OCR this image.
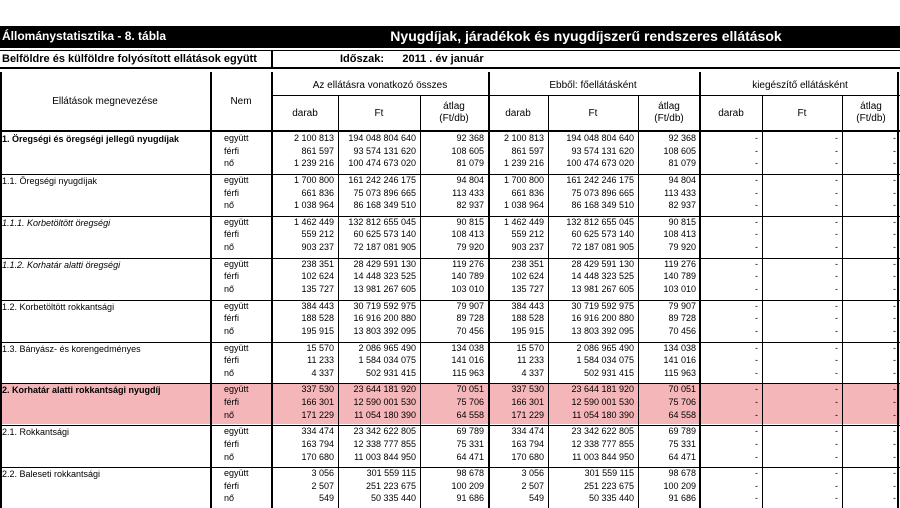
Állománystatisztika - 8. tábla	Nyugdíjak, járadékok és nyugdíjszerű rendszeres ellátások
Belföldre és külföldre folyósított ellátások együtt	Időszak: 2011 . év január
Ellátások megnevezése	Nem
Az ellátásra vonatkozó összes	Ebből: főellátásként	kiegészítő ellátásként
darab	Ft
átlag
(Ft/db)	darab	Ft
átlag
(Ft/db)	darab	Ft
átlag
(Ft/db)
1. Öregségi és öregségi jellegű nyugdíjak	együtt	2 100 813	194 048 804 640	92 368	2 100 813	194 048 804 640	92 368	-	-	-
férfi	861 597	93 574 131 620	108 605	861 597	93 574 131 620	108 605	-	-	-
nő	1 239 216	100 474 673 020	81 079	1 239 216	100 474 673 020	81 079	-	-	-
1.1. Öregségi nyugdíjak	együtt	1 700 800	161 242 246 175	94 804	1 700 800	161 242 246 175	94 804	-	-	-
férfi	661 836	75 073 896 665	113 433	661 836	75 073 896 665	113 433	-	-	-
nő	1 038 964	86 168 349 510	82 937	1 038 964	86 168 349 510	82 937	-	-	-
1.1.1. Korbetöltött öregségi	együtt	1 462 449	132 812 655 045	90 815	1 462 449	132 812 655 045	90 815	-	-	-
férfi	559 212	60 625 573 140	108 413	559 212	60 625 573 140	108 413	-	-	-
nő	903 237	72 187 081 905	79 920	903 237	72 187 081 905	79 920	-	-	-
1.1.2. Korhatár alatti öregségi	együtt	238 351	28 429 591 130	119 276	238 351	28 429 591 130	119 276	-	-	-
férfi	102 624	14 448 323 525	140 789	102 624	14 448 323 525	140 789	-	-	-
nő	135 727	13 981 267 605	103 010	135 727	13 981 267 605	103 010	-	-	-
1.2. Korbetöltött rokkantsági	együtt	384 443	30 719 592 975	79 907	384 443	30 719 592 975	79 907	-	-	-
férfi	188 528	16 916 200 880	89 728	188 528	16 916 200 880	89 728	-	-	-
nő	195 915	13 803 392 095	70 456	195 915	13 803 392 095	70 456	-	-	-
1.3. Bányász- és korengedményes	együtt	15 570	2 086 965 490	134 038	15 570	2 086 965 490	134 038	-	-	-
férfi	11 233	1 584 034 075	141 016	11 233	1 584 034 075	141 016	-	-	-
nő	4 337	502 931 415	115 963	4 337	502 931 415	115 963	-	-	-
2. Korhatár alatti rokkantsági nyugdíj	együtt	337 530	23 644 181 920	70 051	337 530	23 644 181 920	70 051	-	-	-
férfi	166 301	12 590 001 530	75 706	166 301	12 590 001 530	75 706	-	-	-
nő	171 229	11 054 180 390	64 558	171 229	11 054 180 390	64 558	-	-	-
2.1. Rokkantsági	együtt	334 474	23 342 622 805	69 789	334 474	23 342 622 805	69 789	-	-	-
férfi	163 794	12 338 777 855	75 331	163 794	12 338 777 855	75 331	-	-	-
nő	170 680	11 003 844 950	64 471	170 680	11 003 844 950	64 471	-	-	-
2.2. Baleseti rokkantsági	együtt	3 056	301 559 115	98 678	3 056	301 559 115	98 678	-	-	-
férfi	2 507	251 223 675	100 209	2 507	251 223 675	100 209	-	-	-
nő	549	50 335 440	91 686	549	50 335 440	91 686	-	-	-
